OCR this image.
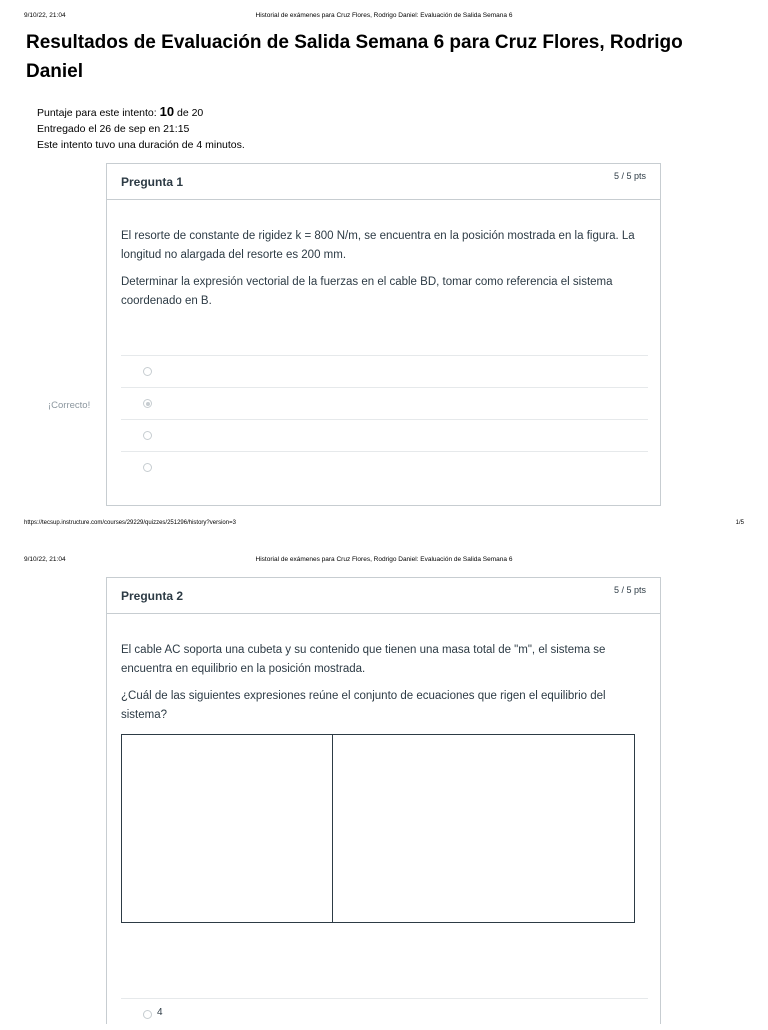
9/10/22, 21:04	Historial de exámenes para Cruz Flores, Rodrigo Daniel: Evaluación de Salida Semana 6
Resultados de Evaluación de Salida Semana 6 para Cruz Flores, Rodrigo Daniel
Puntaje para este intento: 10 de 20
Entregado el 26 de sep en 21:15
Este intento tuvo una duración de 4 minutos.
Pregunta 1	5 / 5 pts

El resorte de constante de rigidez k = 800 N/m, se encuentra en la posición mostrada en la figura. La longitud no alargada del resorte es 200 mm.

Determinar la expresión vectorial de la fuerzas en el cable BD, tomar como referencia el sistema coordenado en B.

¡Correcto!
https://tecsup.instructure.com/courses/29229/quizzes/251296/history?version=3	1/5
9/10/22, 21:04	Historial de exámenes para Cruz Flores, Rodrigo Daniel: Evaluación de Salida Semana 6
Pregunta 2	5 / 5 pts

El cable AC soporta una cubeta y su contenido que tienen una masa total de "m", el sistema se encuentra en equilibrio en la posición mostrada.

¿Cuál de las siguientes expresiones reúne el conjunto de ecuaciones que rigen el equilibrio del sistema?

4
